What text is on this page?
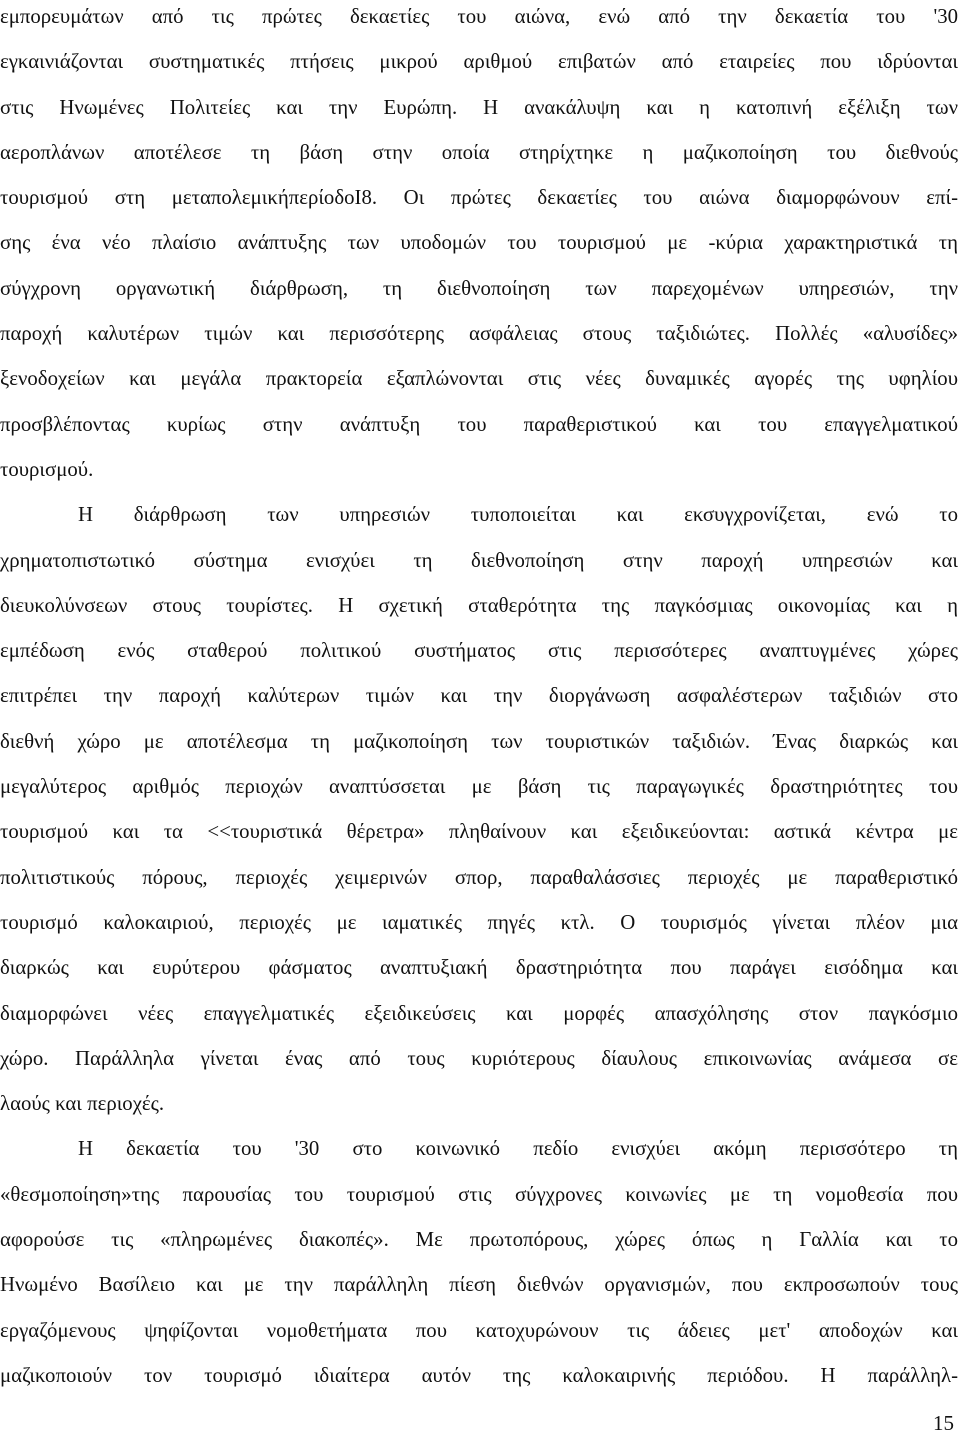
εμπορευμάτων από τις πρώτες δεκαετίες του αιώνα, ενώ από την δεκαετία του '30
εγκαινιάζονται συστηματικές πτήσεις μικρού αριθμού επιβατών από εταιρείες που ιδρύονται
στις Ηνωμένες Πολιτείες και την Ευρώπη. Η ανακάλυψη και η κατοπινή εξέλιξη των
αεροπλάνων αποτέλεσε τη βάση στην οποία στηρίχτηκε η μαζικοποίηση του διεθνούς
τουρισμού στη μεταπολεμικήπερίοδοΙ8. Οι πρώτες δεκαετίες του αιώνα διαμορφώνουν επί-
σης ένα νέο πλαίσιο ανάπτυξης των υποδομών του τουρισμού με -κύρια χαρακτηριστικά τη
σύγχρονη οργανωτική διάρθρωση, τη διεθνοποίηση των παρεχομένων υπηρεσιών, την
παροχή καλυτέρων τιμών και περισσότερης ασφάλειας στους ταξιδιώτες. Πολλές «αλυσίδες»
ξενοδοχείων και μεγάλα πρακτορεία εξαπλώνονται στις νέες δυναμικές αγορές της υφηλίου
προσβλέποντας κυρίως στην ανάπτυξη του παραθεριστικού και του επαγγελματικού
τουρισμού.
Η διάρθρωση των υπηρεσιών τυποποιείται και εκσυγχρονίζεται, ενώ το
χρηματοπιστωτικό σύστημα ενισχύει τη διεθνοποίηση στην παροχή υπηρεσιών και
διευκολύνσεων στους τουρίστες. Η σχετική σταθερότητα της παγκόσμιας οικονομίας και η
εμπέδωση ενός σταθερού πολιτικού συστήματος στις περισσότερες αναπτυγμένες χώρες
επιτρέπει την παροχή καλύτερων τιμών και την διοργάνωση ασφαλέστερων ταξιδιών στο
διεθνή χώρο με αποτέλεσμα τη μαζικοποίηση των τουριστικών ταξιδιών. Ένας διαρκώς και
μεγαλύτερος αριθμός περιοχών αναπτύσσεται με βάση τις παραγωγικές δραστηριότητες του
τουρισμού και τα <<τουριστικά θέρετρα» πληθαίνουν και εξειδικεύονται: αστικά κέντρα με
πολιτιστικούς πόρους, περιοχές χειμερινών σπορ, παραθαλάσσιες περιοχές με παραθεριστικό
τουρισμό καλοκαιριού, περιοχές με ιαματικές πηγές κτλ. Ο τουρισμός γίνεται πλέον μια
διαρκώς και ευρύτερου φάσματος αναπτυξιακή δραστηριότητα που παράγει εισόδημα και
διαμορφώνει νέες επαγγελματικές εξειδικεύσεις και μορφές απασχόλησης στον παγκόσμιο
χώρο. Παράλληλα γίνεται ένας από τους κυριότερους δίαυλους επικοινωνίας ανάμεσα σε
λαούς και περιοχές.
Η δεκαετία του '30 στο κοινωνικό πεδίο ενισχύει ακόμη περισσότερο τη
«θεσμοποίηση»της παρουσίας του τουρισμού στις σύγχρονες κοινωνίες με τη νομοθεσία που
αφορούσε τις «πληρωμένες διακοπές». Με πρωτοπόρους, χώρες όπως η Γαλλία και το
Ηνωμένο Βασίλειο και με την παράλληλη πίεση διεθνών οργανισμών, που εκπροσωπούν τους
εργαζόμενους ψηφίζονται νομοθετήματα που κατοχυρώνουν τις άδειες μετ' αποδοχών και
μαζικοποιούν τον τουρισμό ιδιαίτερα αυτόν της καλοκαιρινής περιόδου. Η παράλληλ-
15
